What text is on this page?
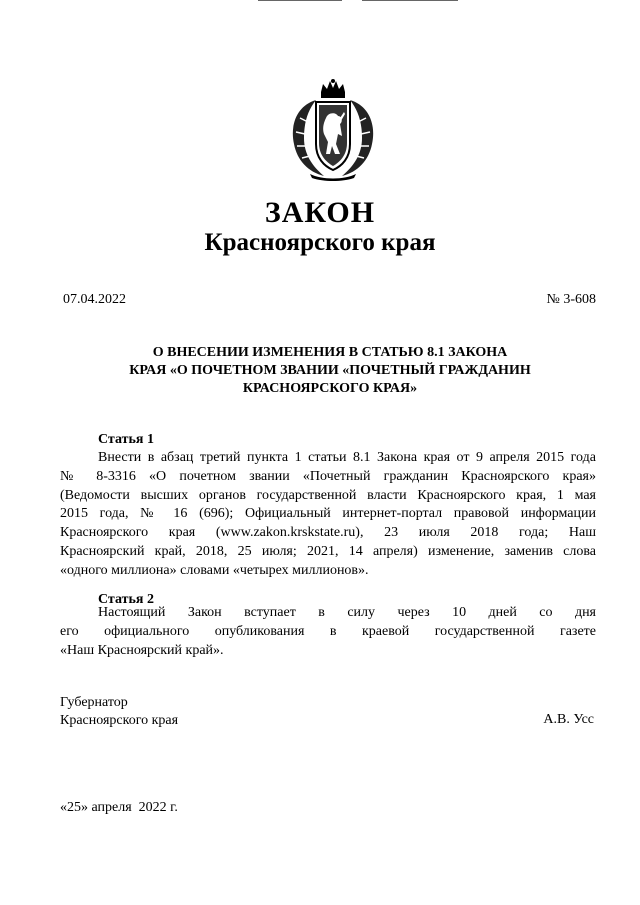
ЗАКОН
Красноярского края
07.04.2022	№ 3-608
О ВНЕСЕНИИ ИЗМЕНЕНИЯ В СТАТЬЮ 8.1 ЗАКОНА
КРАЯ «О ПОЧЕТНОМ ЗВАНИИ «ПОЧЕТНЫЙ ГРАЖДАНИН
КРАСНОЯРСКОГО КРАЯ»
Статья 1
Внести в абзац третий пункта 1 статьи 8.1 Закона края от 9 апреля 2015 года
№ 8-3316 «О почетном звании «Почетный гражданин Красноярского края»
(Ведомости высших органов государственной власти Красноярского края, 1 мая
2015 года, № 16 (696); Официальный интернет-портал правовой информации
Красноярского края (www.zakon.krskstate.ru), 23 июля 2018 года; Наш
Красноярский край, 2018, 25 июля; 2021, 14 апреля) изменение, заменив слова
«одного миллиона» словами «четырех миллионов».
Статья 2
Настоящий Закон вступает в силу через 10 дней со дня
его официального опубликования в краевой государственной газете
«Наш Красноярский край».
Губернатор
Красноярского края	А.В. Усс
«25» апреля  2022 г.
